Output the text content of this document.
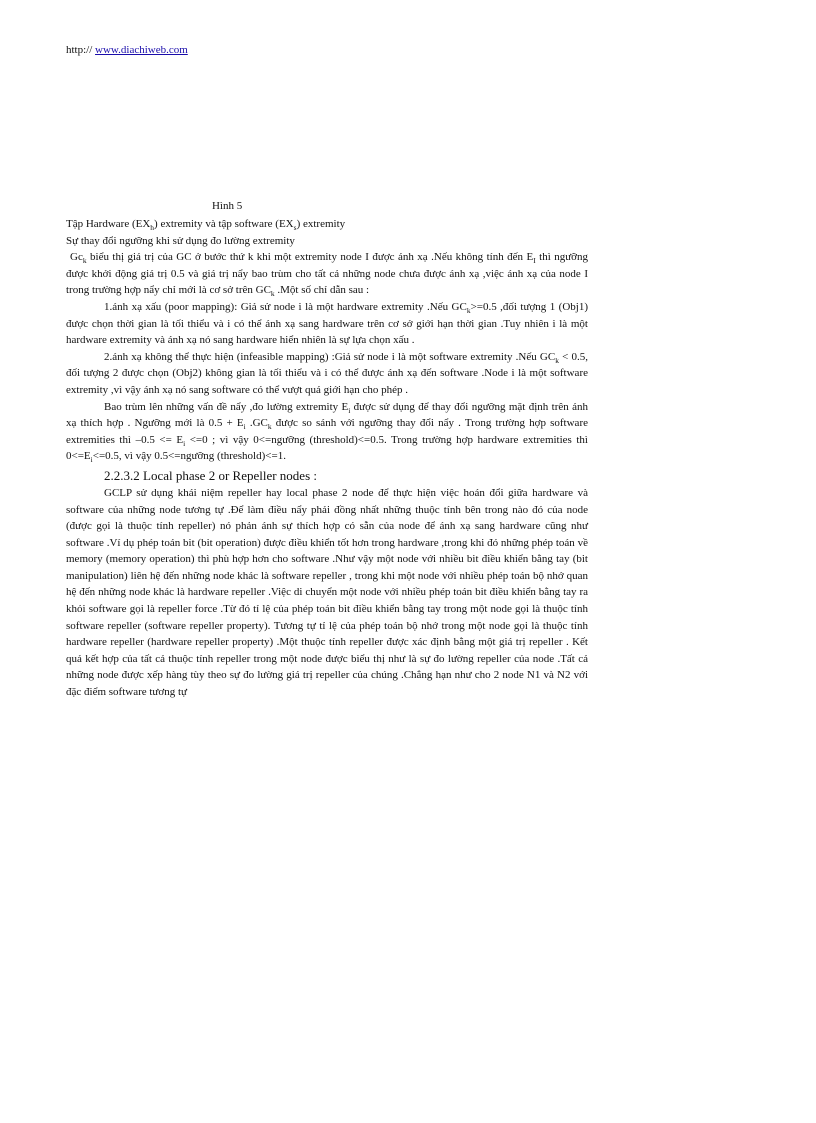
http:// www.diachiweb.com
Hình 5

Tập Hardware $(EX_h)$ extremity và tập software $(EX_s)$ extremity

Sự thay đổi ngưỡng khi sử dụng đo lường extremity

$Gc_k$ biểu thị giá trị của GC ở bước thứ k khi một extremity node I được ánh xạ .Nếu không tính đến $E_I$ thì ngưỡng được khởi động giá trị 0.5 và giá trị nẩy bao trùm cho tất cả những node chưa được ánh xạ ,việc ánh xạ của node I trong trường hợp nẩy chỉ mới là cơ sở trên $GC_k$ .Một số chỉ dẫn sau :

1.ánh xạ xấu (poor mapping): Giả sử node i là một hardware extremity .Nếu $GC_k>=0.5$ ,đối tượng 1 (Obj1) được chọn thời gian là tối thiểu và i có thể ánh xạ sang hardware trên cơ sở giới hạn thời gian .Tuy nhiên i là một hardware extremity và ánh xạ nó sang hardware hiển nhiên là sự lựa chọn xấu .

2.ánh xạ không thể thực hiện (infeasible mapping) :Giả sử node i là một software extremity .Nếu $GC_k < 0.5$, đối tượng 2 được chọn (Obj2) không gian là tối thiểu và i có thể được ánh xạ đến software .Node i là một software extremity ,vì vậy ánh xạ nó sang software có thể vượt quá giới hạn cho phép .

Bao trùm lên những vấn đề nẩy ,đo lường extremity $E_i$ được sử dụng để thay đổi ngưỡng mặt định trên ánh xạ thích hợp . Ngưỡng mới là $0.5 + E_i$ $.GC_k$ được so sánh với ngưỡng thay đổi nẩy . Trong trường hợp software extremities thì $-0.5 <= E_i <=0$ ; vì vậy 0<=ngưỡng (threshold)<=0.5. Trong trường hợp hardware extremities thì $0<=E_i<=0.5$, vì vậy 0.5<=ngưỡng (threshold)<=1.

2.2.3.2 Local phase 2 or Repeller nodes :

GCLP sử dụng khái niệm repeller hay local phase 2 node để thực hiện việc hoán đổi giữa hardware và software của những node tương tự .Để làm điều nẩy phải đồng nhất những thuộc tính bên trong nào đó của node (được gọi là thuộc tính repeller) nó phản ánh sự thích hợp có sẵn của node để ánh xạ sang hardware cũng như software .Ví dụ phép toán bit (bit operation) được điều khiển tốt hơn trong hardware ,trong khi đó những phép toán về memory (memory operation) thì phù hợp hơn cho software .Như vậy một node với nhiều bit điều khiển bằng tay (bit manipulation) liên hệ đến những node khác là software repeller , trong khi một node với nhiều phép toán bộ nhớ quan hệ đến những node khác là hardware repeller .Việc di chuyển một node với nhiều phép toán bit điều khiển bằng tay ra khỏi software gọi là repeller force .Từ đó tỉ lệ của phép toán bit điều khiển bằng tay trong một node gọi là thuộc tính software repeller (software repeller property). Tương tự tỉ lệ của phép toán bộ nhớ trong một node gọi là thuộc tính hardware repeller (hardware repeller property) .Một thuộc tính repeller được xác định bằng một giá trị repeller . Kết quả kết hợp của tất cả thuộc tính repeller trong một node được biểu thị như là sự đo lường repeller của node .Tất cả những node được xếp hàng tùy theo sự đo lường giá trị repeller của chúng .Chẳng hạn như cho 2 node N1 và N2 với đặc điểm software tương tự
